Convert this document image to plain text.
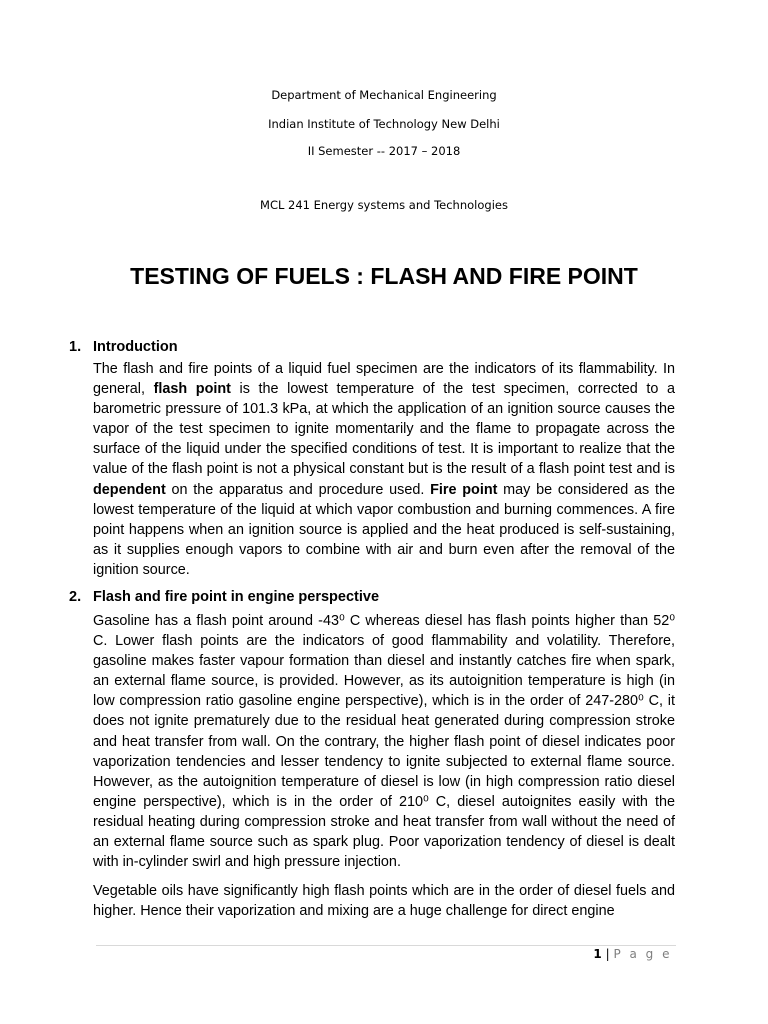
Department of Mechanical Engineering
Indian Institute of Technology New Delhi
II Semester -- 2017 – 2018
MCL 241 Energy systems and Technologies
TESTING OF FUELS : FLASH AND FIRE POINT
1. Introduction
The flash and fire points of a liquid fuel specimen are the indicators of its flammability. In general, flash point is the lowest temperature of the test specimen, corrected to a barometric pressure of 101.3 kPa, at which the application of an ignition source causes the vapor of the test specimen to ignite momentarily and the flame to propagate across the surface of the liquid under the specified conditions of test. It is important to realize that the value of the flash point is not a physical constant but is the result of a flash point test and is dependent on the apparatus and procedure used. Fire point may be considered as the lowest temperature of the liquid at which vapor combustion and burning commences. A fire point happens when an ignition source is applied and the heat produced is self-sustaining, as it supplies enough vapors to combine with air and burn even after the removal of the ignition source.
2. Flash and fire point in engine perspective
Gasoline has a flash point around -43⁰ C whereas diesel has flash points higher than 52⁰ C. Lower flash points are the indicators of good flammability and volatility. Therefore, gasoline makes faster vapour formation than diesel and instantly catches fire when spark, an external flame source, is provided. However, as its autoignition temperature is high (in low compression ratio gasoline engine perspective), which is in the order of 247-280⁰ C, it does not ignite prematurely due to the residual heat generated during compression stroke and heat transfer from wall. On the contrary, the higher flash point of diesel indicates poor vaporization tendencies and lesser tendency to ignite subjected to external flame source. However, as the autoignition temperature of diesel is low (in high compression ratio diesel engine perspective), which is in the order of 210⁰ C, diesel autoignites easily with the residual heating during compression stroke and heat transfer from wall without the need of an external flame source such as spark plug. Poor vaporization tendency of diesel is dealt with in-cylinder swirl and high pressure injection.
Vegetable oils have significantly high flash points which are in the order of diesel fuels and higher. Hence their vaporization and mixing are a huge challenge for direct engine
1 | P a g e
